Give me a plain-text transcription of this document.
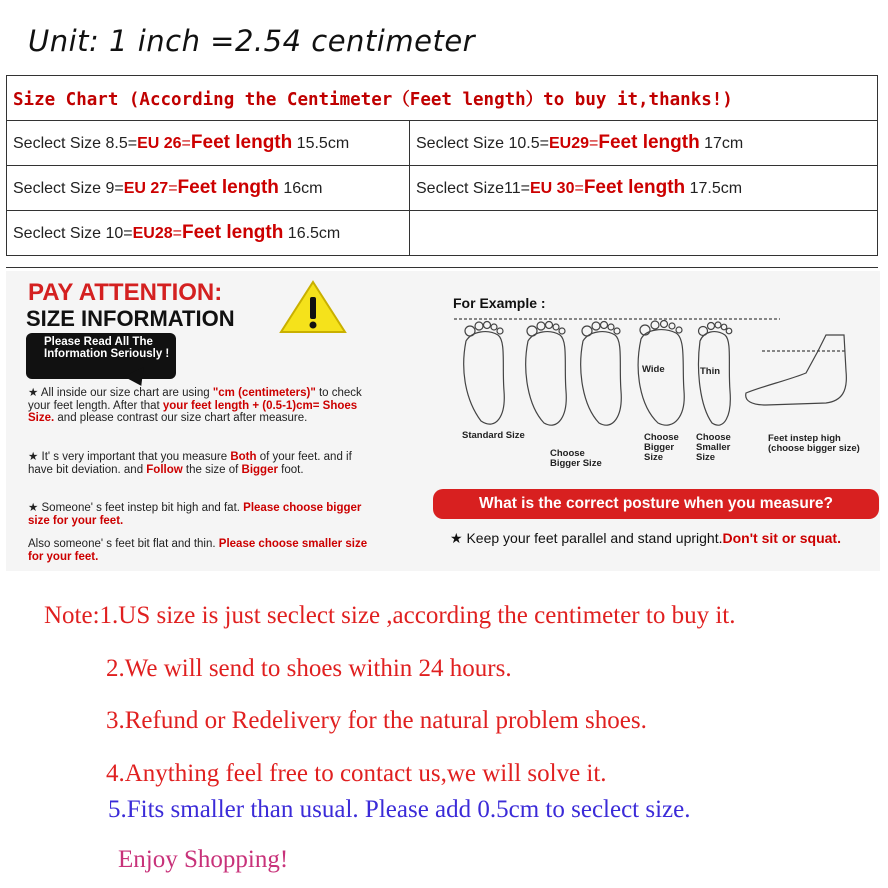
Unit: 1 inch =2.54 centimeter
Size Chart (According the Centimeter（Feet length）to buy it,thanks!)	
Seclect Size 8.5=EU 26=Feet length 15.5cm	Seclect Size 10.5=EU29=Feet length 17cm
Seclect Size 9=EU 27=Feet length 16cm	Seclect Size11=EU 30=Feet length 17.5cm
Seclect Size 10=EU28=Feet length 16.5cm	
PAY ATTENTION:
SIZE INFORMATION
Please Read All The Information Seriously !
★ All inside our size chart are using "cm (centimeters)" to check your feet length. After that your feet length + (0.5-1)cm= Shoes Size. and please contrast our size chart after measure.
★ It' s very important that you measure Both of your feet. and if have bit deviation. and Follow the size of Bigger foot.
★ Someone' s feet instep bit high and fat. Please choose bigger size for your feet.
Also someone' s feet bit flat and thin. Please choose smaller size for your feet.
For Example :
Standard Size
Choose Bigger Size
Wide	Thin
Choose Bigger Size
Choose Smaller Size
Feet instep high (choose bigger size)
What is the correct posture when you measure?
★ Keep your feet parallel and stand upright.Don't sit or squat.
Note:1.US size is just seclect size ,according the centimeter to buy it.
2.We will send to shoes within 24 hours.
3.Refund or Redelivery for the natural problem shoes.
4.Anything feel free to contact us,we will solve it.
5.Fits smaller than usual. Please add 0.5cm to seclect size.
Enjoy Shopping!
